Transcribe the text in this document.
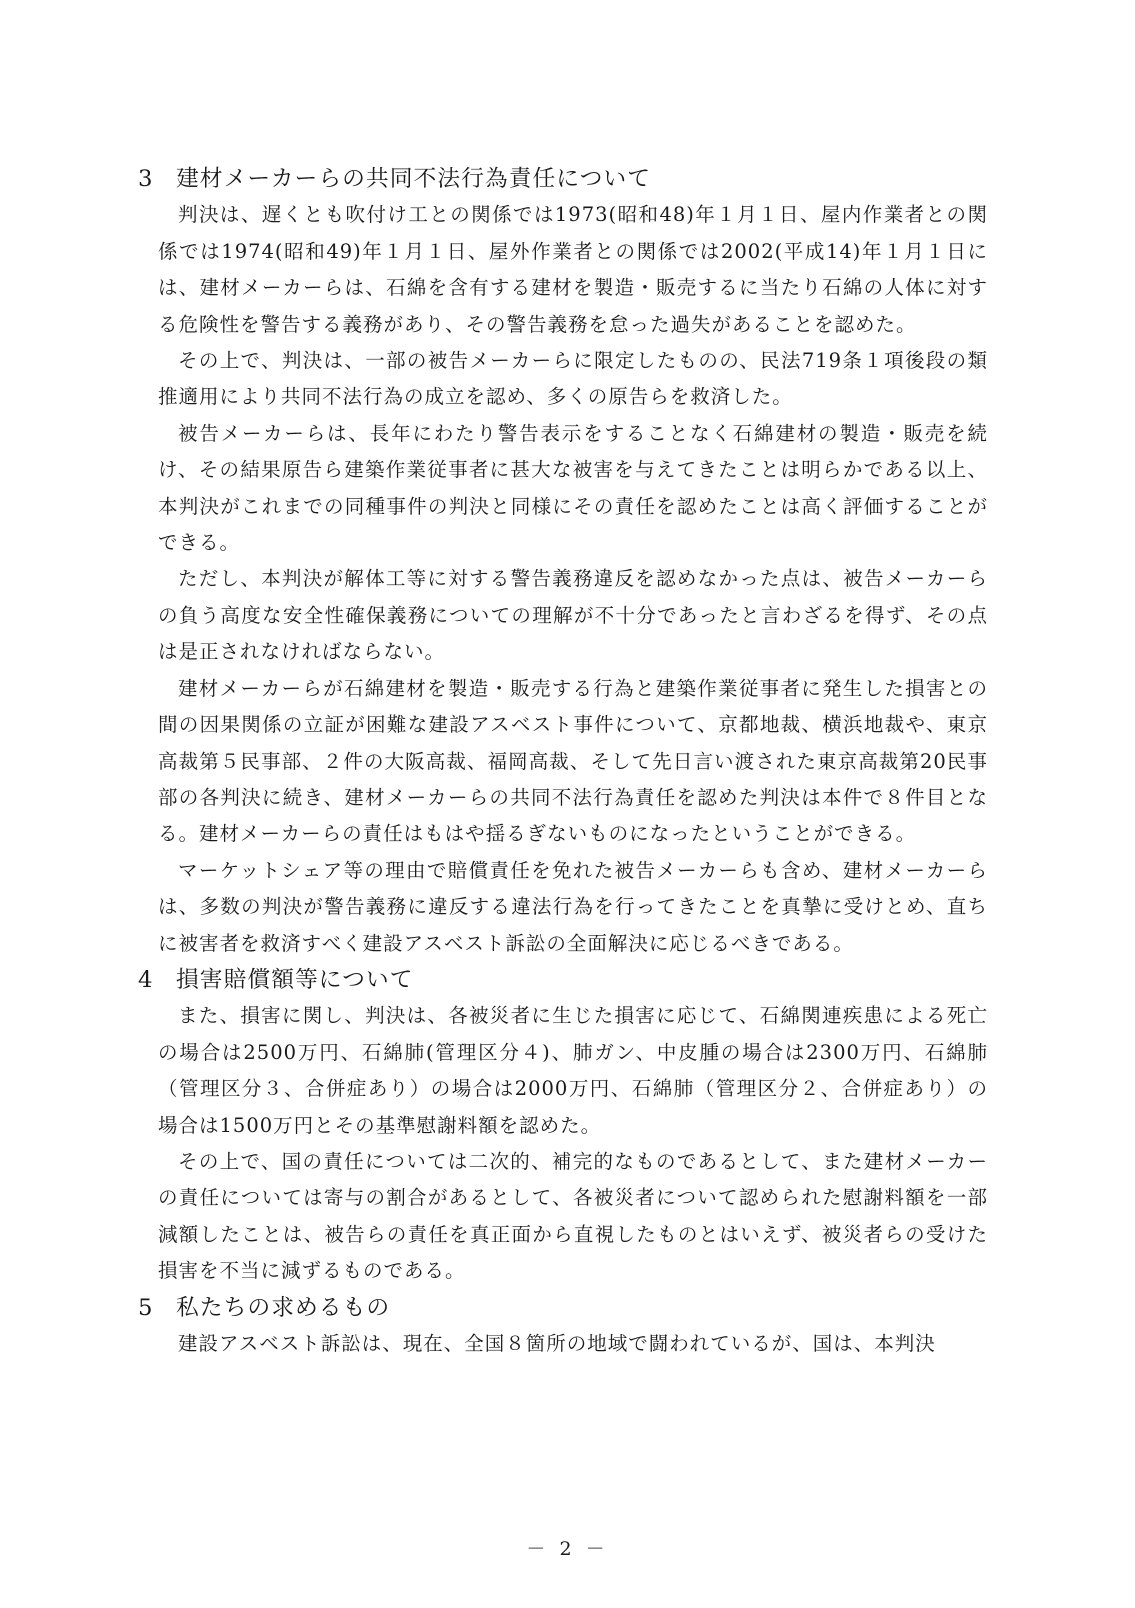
3 建材メーカーらの共同不法行為責任について

判決は、遅くとも吹付け工との関係では1973(昭和48)年１月１日、屋内作業者との関係では1974(昭和49)年１月１日、屋外作業者との関係では2002(平成14)年１月１日には、建材メーカーらは、石綿を含有する建材を製造・販売するに当たり石綿の人体に対する危険性を警告する義務があり、その警告義務を怠った過失があることを認めた。

その上で、判決は、一部の被告メーカーらに限定したものの、民法719条１項後段の類推適用により共同不法行為の成立を認め、多くの原告らを救済した。

被告メーカーらは、長年にわたり警告表示をすることなく石綿建材の製造・販売を続け、その結果原告ら建築作業従事者に甚大な被害を与えてきたことは明らかである以上、本判決がこれまでの同種事件の判決と同様にその責任を認めたことは高く評価することができる。

ただし、本判決が解体工等に対する警告義務違反を認めなかった点は、被告メーカーらの負う高度な安全性確保義務についての理解が不十分であったと言わざるを得ず、その点は是正されなければならない。

建材メーカーらが石綿建材を製造・販売する行為と建築作業従事者に発生した損害との間の因果関係の立証が困難な建設アスベスト事件について、京都地裁、横浜地裁や、東京高裁第５民事部、２件の大阪高裁、福岡高裁、そして先日言い渡された東京高裁第20民事部の各判決に続き、建材メーカーらの共同不法行為責任を認めた判決は本件で８件目となる。建材メーカーらの責任はもはや揺るぎないものになったということができる。

マーケットシェア等の理由で賠償責任を免れた被告メーカーらも含め、建材メーカーらは、多数の判決が警告義務に違反する違法行為を行ってきたことを真摯に受けとめ、直ちに被害者を救済すべく建設アスベスト訴訟の全面解決に応じるべきである。

4 損害賠償額等について

また、損害に関し、判決は、各被災者に生じた損害に応じて、石綿関連疾患による死亡の場合は2500万円、石綿肺(管理区分４)、肺ガン、中皮腫の場合は2300万円、石綿肺（管理区分３、合併症あり）の場合は2000万円、石綿肺（管理区分２、合併症あり）の場合は1500万円とその基準慰謝料額を認めた。

その上で、国の責任については二次的、補完的なものであるとして、また建材メーカーの責任については寄与の割合があるとして、各被災者について認められた慰謝料額を一部減額したことは、被告らの責任を真正面から直視したものとはいえず、被災者らの受けた損害を不当に減ずるものである。

5 私たちの求めるもの

建設アスベスト訴訟は、現在、全国８箇所の地域で闘われているが、国は、本判決

－ 2 －
